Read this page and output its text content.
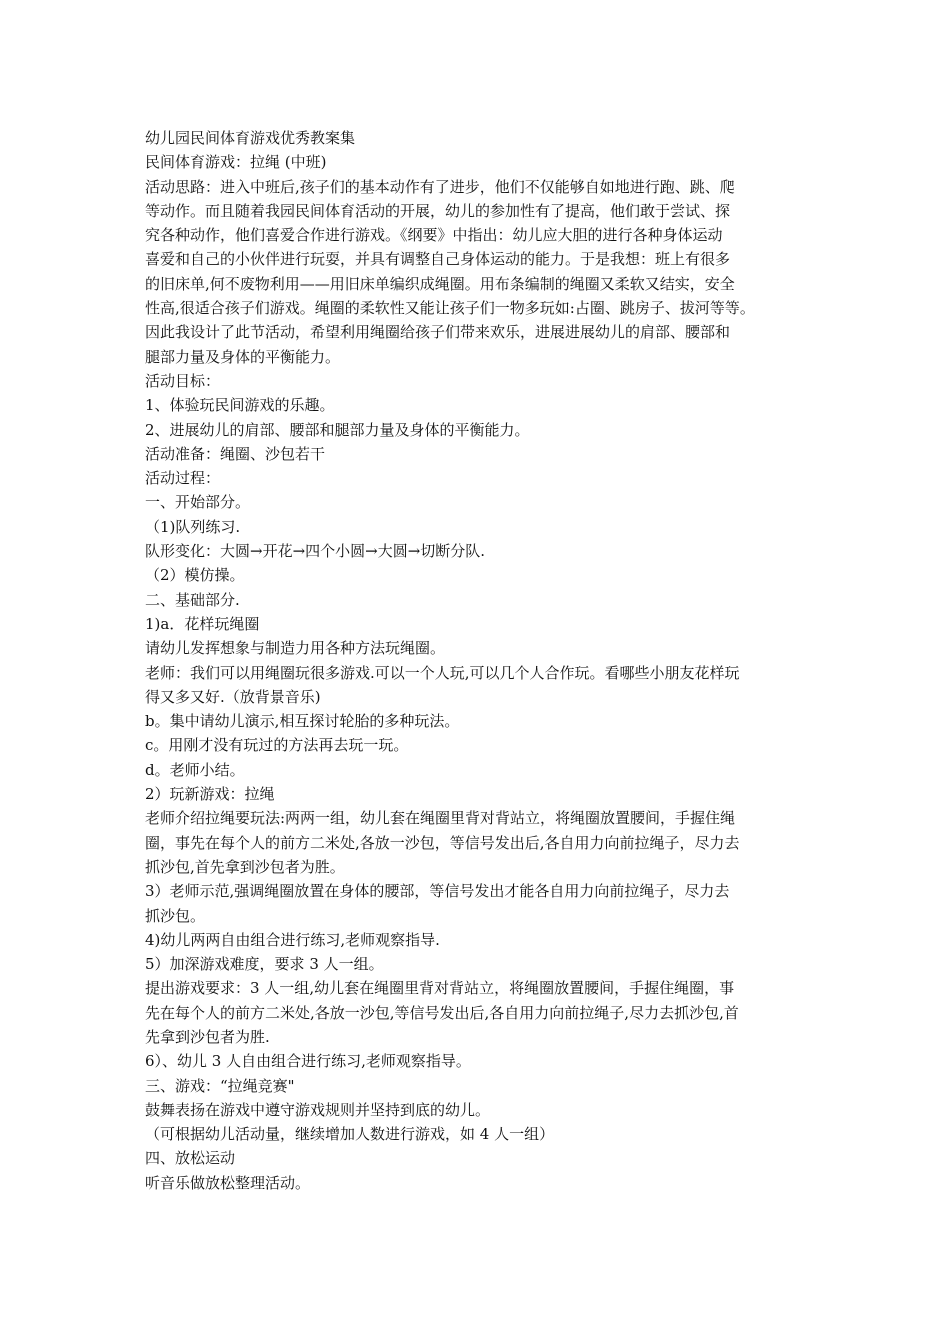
幼儿园民间体育游戏优秀教案集
民间体育游戏：拉绳 (中班)
活动思路：进入中班后,孩子们的基本动作有了进步，他们不仅能够自如地进行跑、跳、爬
等动作。而且随着我园民间体育活动的开展，幼儿的参加性有了提高，他们敢于尝试、探
究各种动作，他们喜爱合作进行游戏。《纲要》中指出：幼儿应大胆的进行各种身体运动
喜爱和自己的小伙伴进行玩耍，并具有调整自己身体运动的能力。于是我想：班上有很多
的旧床单,何不废物利用——用旧床单编织成绳圈。用布条编制的绳圈又柔软又结实，安全
性高,很适合孩子们游戏。绳圈的柔软性又能让孩子们一物多玩如:占圈、跳房子、拔河等等。
因此我设计了此节活动，希望利用绳圈给孩子们带来欢乐，进展进展幼儿的肩部、腰部和
腿部力量及身体的平衡能力。
活动目标：
1、体验玩民间游戏的乐趣。
2、进展幼儿的肩部、腰部和腿部力量及身体的平衡能力。
活动准备：绳圈、沙包若干
活动过程：
一、开始部分。
（1)队列练习.
队形变化：大圆→开花→四个小圆→大圆→切断分队.
（2）模仿操。
二、基础部分.
1)a．花样玩绳圈
请幼儿发挥想象与制造力用各种方法玩绳圈。
老师：我们可以用绳圈玩很多游戏.可以一个人玩,可以几个人合作玩。看哪些小朋友花样玩
得又多又好.（放背景音乐)
b。集中请幼儿演示,相互探讨轮胎的多种玩法。
c。用刚才没有玩过的方法再去玩一玩。
d。老师小结。
2）玩新游戏：拉绳
老师介绍拉绳要玩法:两两一组，幼儿套在绳圈里背对背站立，将绳圈放置腰间，手握住绳
圈，事先在每个人的前方二米处,各放一沙包，等信号发出后,各自用力向前拉绳子，尽力去
抓沙包,首先拿到沙包者为胜。
3）老师示范,强调绳圈放置在身体的腰部，等信号发出才能各自用力向前拉绳子，尽力去
抓沙包。
4)幼儿两两自由组合进行练习,老师观察指导.
5）加深游戏难度，要求 3 人一组。
提出游戏要求：3 人一组,幼儿套在绳圈里背对背站立，将绳圈放置腰间，手握住绳圈，事
先在每个人的前方二米处,各放一沙包,等信号发出后,各自用力向前拉绳子,尽力去抓沙包,首
先拿到沙包者为胜.
6）、幼儿 3 人自由组合进行练习,老师观察指导。
三、游戏：“拉绳竞赛"
鼓舞表扬在游戏中遵守游戏规则并坚持到底的幼儿。
（可根据幼儿活动量，继续增加人数进行游戏，如 4 人一组）
四、放松运动
听音乐做放松整理活动。
